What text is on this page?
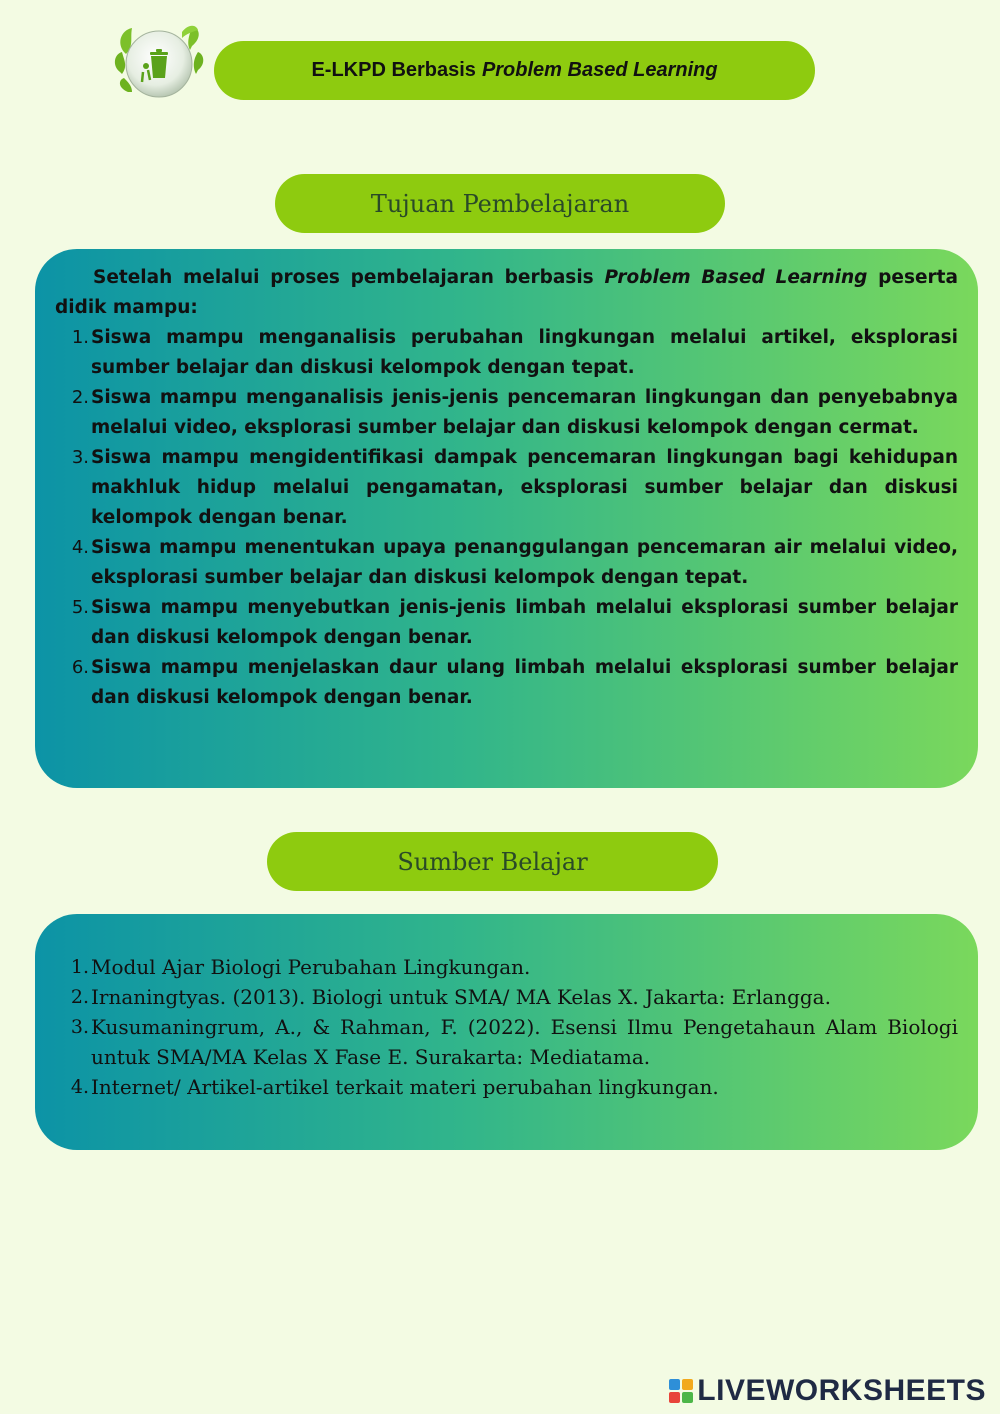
E-LKPD Berbasis Problem Based Learning
Tujuan Pembelajaran

Setelah melalui proses pembelajaran berbasis Problem Based Learning peserta didik mampu:

1. Siswa mampu menganalisis perubahan lingkungan melalui artikel, eksplorasi sumber belajar dan diskusi kelompok dengan tepat.
2. Siswa mampu menganalisis jenis-jenis pencemaran lingkungan dan penyebabnya melalui video, eksplorasi sumber belajar dan diskusi kelompok dengan cermat.
3. Siswa mampu mengidentifikasi dampak pencemaran lingkungan bagi kehidupan makhluk hidup melalui pengamatan, eksplorasi sumber belajar dan diskusi kelompok dengan benar.
4. Siswa mampu menentukan upaya penanggulangan pencemaran air melalui video, eksplorasi sumber belajar dan diskusi kelompok dengan tepat.
5. Siswa mampu menyebutkan jenis-jenis limbah melalui eksplorasi sumber belajar dan diskusi kelompok dengan benar.
6. Siswa mampu menjelaskan daur ulang limbah melalui eksplorasi sumber belajar dan diskusi kelompok dengan benar.
Sumber Belajar
1. Modul Ajar Biologi Perubahan Lingkungan.
2. Irnaningtyas. (2013). Biologi untuk SMA/ MA Kelas X. Jakarta: Erlangga.
3. Kusumaningrum, A., & Rahman, F. (2022). Esensi Ilmu Pengetahaun Alam Biologi untuk SMA/MA Kelas X Fase E. Surakarta: Mediatama.
4. Internet/ Artikel-artikel terkait materi perubahan lingkungan.
LIVEWORKSHEETS
